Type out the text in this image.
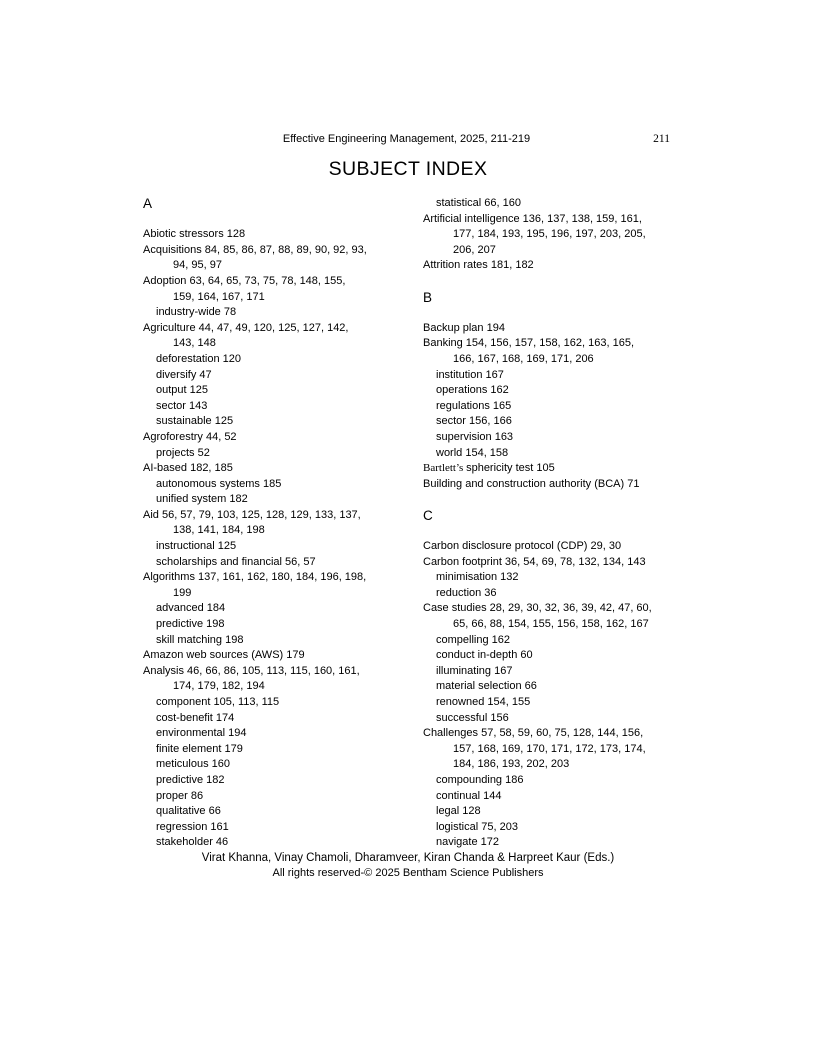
Effective Engineering Management, 2025, 211-219	211
SUBJECT INDEX
A
Abiotic stressors 128
Acquisitions 84, 85, 86, 87, 88, 89, 90, 92, 93,
94, 95, 97
Adoption 63, 64, 65, 73, 75, 78, 148, 155,
159, 164, 167, 171
industry-wide 78
Agriculture 44, 47, 49, 120, 125, 127, 142,
143, 148
deforestation 120
diversify 47
output 125
sector 143
sustainable 125
Agroforestry 44, 52
projects 52
AI-based 182, 185
autonomous systems 185
unified system 182
Aid 56, 57, 79, 103, 125, 128, 129, 133, 137,
138, 141, 184, 198
instructional 125
scholarships and financial 56, 57
Algorithms 137, 161, 162, 180, 184, 196, 198,
199
advanced 184
predictive 198
skill matching 198
Amazon web sources (AWS) 179
Analysis 46, 66, 86, 105, 113, 115, 160, 161,
174, 179, 182, 194
component 105, 113, 115
cost-benefit 174
environmental 194
finite element 179
meticulous 160
predictive 182
proper 86
qualitative 66
regression 161
stakeholder 46
statistical 66, 160
Artificial intelligence 136, 137, 138, 159, 161,
177, 184, 193, 195, 196, 197, 203, 205,
206, 207
Attrition rates 181, 182
B
Backup plan 194
Banking 154, 156, 157, 158, 162, 163, 165,
166, 167, 168, 169, 171, 206
institution 167
operations 162
regulations 165
sector 156, 166
supervision 163
world 154, 158
Bartlett’s sphericity test 105
Building and construction authority (BCA) 71
C
Carbon disclosure protocol (CDP) 29, 30
Carbon footprint 36, 54, 69, 78, 132, 134, 143
minimisation 132
reduction 36
Case studies 28, 29, 30, 32, 36, 39, 42, 47, 60,
65, 66, 88, 154, 155, 156, 158, 162, 167
compelling 162
conduct in-depth 60
illuminating 167
material selection 66
renowned 154, 155
successful 156
Challenges 57, 58, 59, 60, 75, 128, 144, 156,
157, 168, 169, 170, 171, 172, 173, 174,
184, 186, 193, 202, 203
compounding 186
continual 144
legal 128
logistical 75, 203
navigate 172
Virat Khanna, Vinay Chamoli, Dharamveer, Kiran Chanda & Harpreet Kaur (Eds.)
All rights reserved-© 2025 Bentham Science Publishers
